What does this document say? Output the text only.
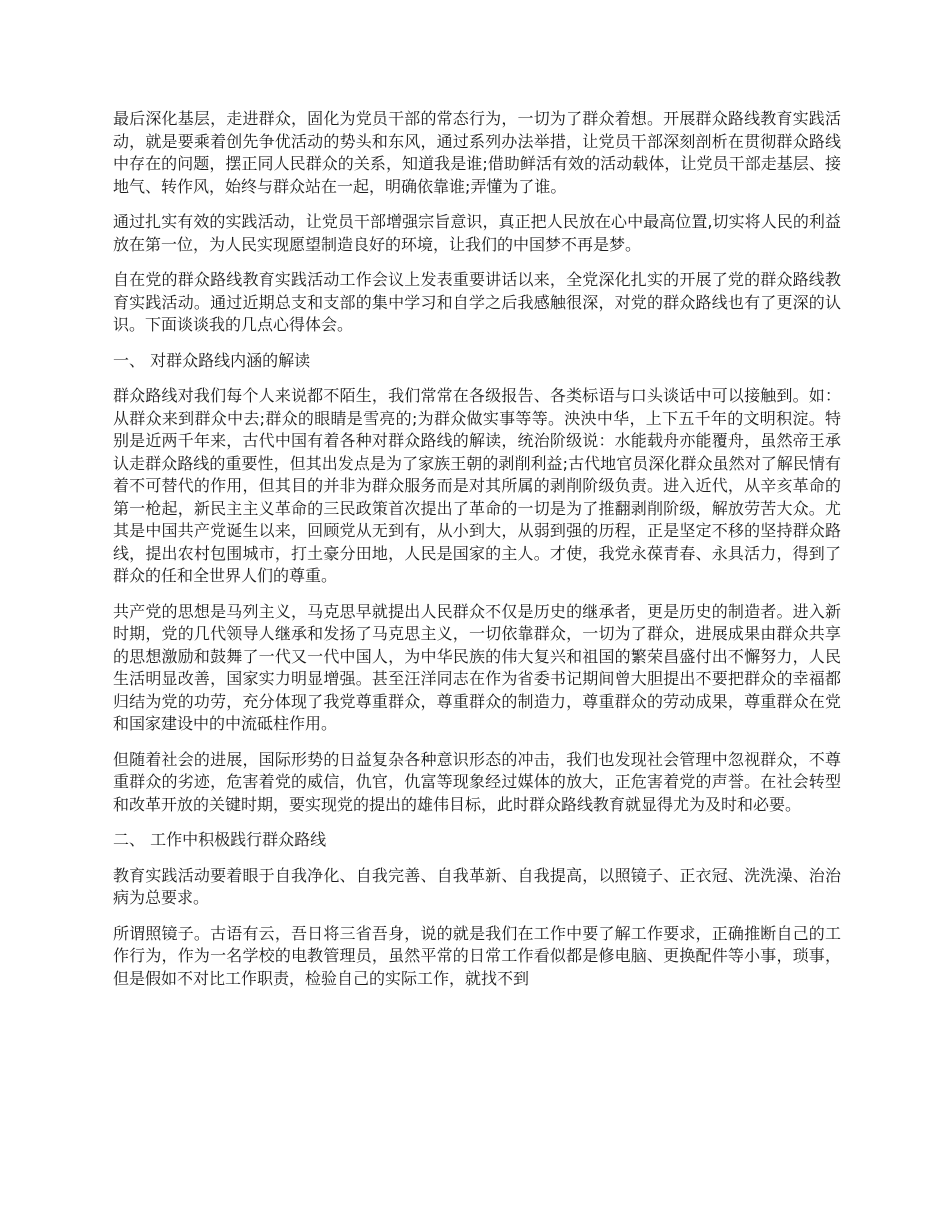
最后深化基层，走进群众，固化为党员干部的常态行为，一切为了群众着想。开展群众路线教育实践活动，就是要乘着创先争优活动的势头和东风，通过系列办法举措，让党员干部深刻剖析在贯彻群众路线中存在的问题，摆正同人民群众的关系，知道我是谁;借助鲜活有效的活动载体，让党员干部走基层、接地气、转作风，始终与群众站在一起，明确依靠谁;弄懂为了谁。

通过扎实有效的实践活动，让党员干部增强宗旨意识，真正把人民放在心中最高位置,切实将人民的利益放在第一位，为人民实现愿望制造良好的环境，让我们的中国梦不再是梦。

自在党的群众路线教育实践活动工作会议上发表重要讲话以来，全党深化扎实的开展了党的群众路线教育实践活动。通过近期总支和支部的集中学习和自学之后我感触很深，对党的群众路线也有了更深的认识。下面谈谈我的几点心得体会。

一、 对群众路线内涵的解读

群众路线对我们每个人来说都不陌生，我们常常在各级报告、各类标语与口头谈话中可以接触到。如：从群众来到群众中去;群众的眼睛是雪亮的;为群众做实事等等。泱泱中华，上下五千年的文明积淀。特别是近两千年来，古代中国有着各种对群众路线的解读，统治阶级说：水能载舟亦能覆舟，虽然帝王承认走群众路线的重要性，但其出发点是为了家族王朝的剥削利益;古代地官员深化群众虽然对了解民情有着不可替代的作用，但其目的并非为群众服务而是对其所属的剥削阶级负责。进入近代，从辛亥革命的第一枪起，新民主主义革命的三民政策首次提出了革命的一切是为了推翻剥削阶级，解放劳苦大众。尤其是中国共产党诞生以来，回顾党从无到有，从小到大，从弱到强的历程，正是坚定不移的坚持群众路线，提出农村包围城市，打土豪分田地，人民是国家的主人。才使，我党永葆青春、永具活力，得到了群众的任和全世界人们的尊重。

共产党的思想是马列主义，马克思早就提出人民群众不仅是历史的继承者，更是历史的制造者。进入新时期，党的几代领导人继承和发扬了马克思主义，一切依靠群众，一切为了群众，进展成果由群众共享的思想激励和鼓舞了一代又一代中国人，为中华民族的伟大复兴和祖国的繁荣昌盛付出不懈努力，人民生活明显改善，国家实力明显增强。甚至汪洋同志在作为省委书记期间曾大胆提出不要把群众的幸福都归结为党的功劳，充分体现了我党尊重群众，尊重群众的制造力，尊重群众的劳动成果，尊重群众在党和国家建设中的中流砥柱作用。

但随着社会的进展，国际形势的日益复杂各种意识形态的冲击，我们也发现社会管理中忽视群众，不尊重群众的劣迹，危害着党的威信，仇官，仇富等现象经过媒体的放大，正危害着党的声誉。在社会转型和改革开放的关键时期，要实现党的提出的雄伟目标，此时群众路线教育就显得尤为及时和必要。

二、 工作中积极践行群众路线

教育实践活动要着眼于自我净化、自我完善、自我革新、自我提高，以照镜子、正衣冠、洗洗澡、治治病为总要求。

所谓照镜子。古语有云，吾日将三省吾身，说的就是我们在工作中要了解工作要求，正确推断自己的工作行为，作为一名学校的电教管理员，虽然平常的日常工作看似都是修电脑、更换配件等小事，琐事，但是假如不对比工作职责，检验自己的实际工作，就找不到
